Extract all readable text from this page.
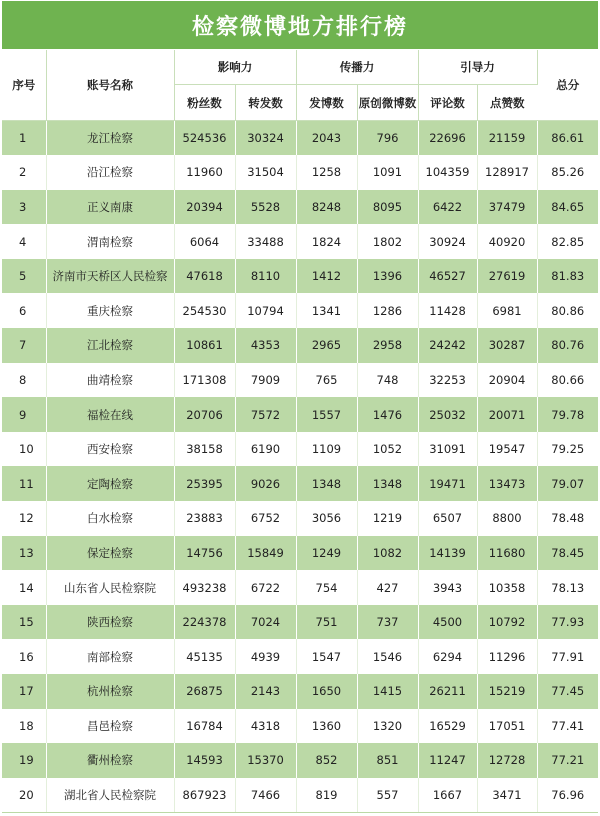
检察微博地方排行榜
序号	账号名称	影响力		传播力		引导力		总分
		粉丝数	转发数	发博数	原创微博数	评论数	点赞数	
1	龙江检察	524536	30324	2043	796	22696	21159	86.61
2	沿江检察	11960	31504	1258	1091	104359	128917	85.26
3	正义南康	20394	5528	8248	8095	6422	37479	84.65
4	渭南检察	6064	33488	1824	1802	30924	40920	82.85
5	济南市天桥区人民检察	47618	8110	1412	1396	46527	27619	81.83
6	重庆检察	254530	10794	1341	1286	11428	6981	80.86
7	江北检察	10861	4353	2965	2958	24242	30287	80.76
8	曲靖检察	171308	7909	765	748	32253	20904	80.66
9	福检在线	20706	7572	1557	1476	25032	20071	79.78
10	西安检察	38158	6190	1109	1052	31091	19547	79.25
11	定陶检察	25395	9026	1348	1348	19471	13473	79.07
12	白水检察	23883	6752	3056	1219	6507	8800	78.48
13	保定检察	14756	15849	1249	1082	14139	11680	78.45
14	山东省人民检察院	493238	6722	754	427	3943	10358	78.13
15	陕西检察	224378	7024	751	737	4500	10792	77.93
16	南部检察	45135	4939	1547	1546	6294	11296	77.91
17	杭州检察	26875	2143	1650	1415	26211	15219	77.45
18	昌邑检察	16784	4318	1360	1320	16529	17051	77.41
19	衢州检察	14593	15370	852	851	11247	12728	77.21
20	湖北省人民检察院	867923	7466	819	557	1667	3471	76.96
